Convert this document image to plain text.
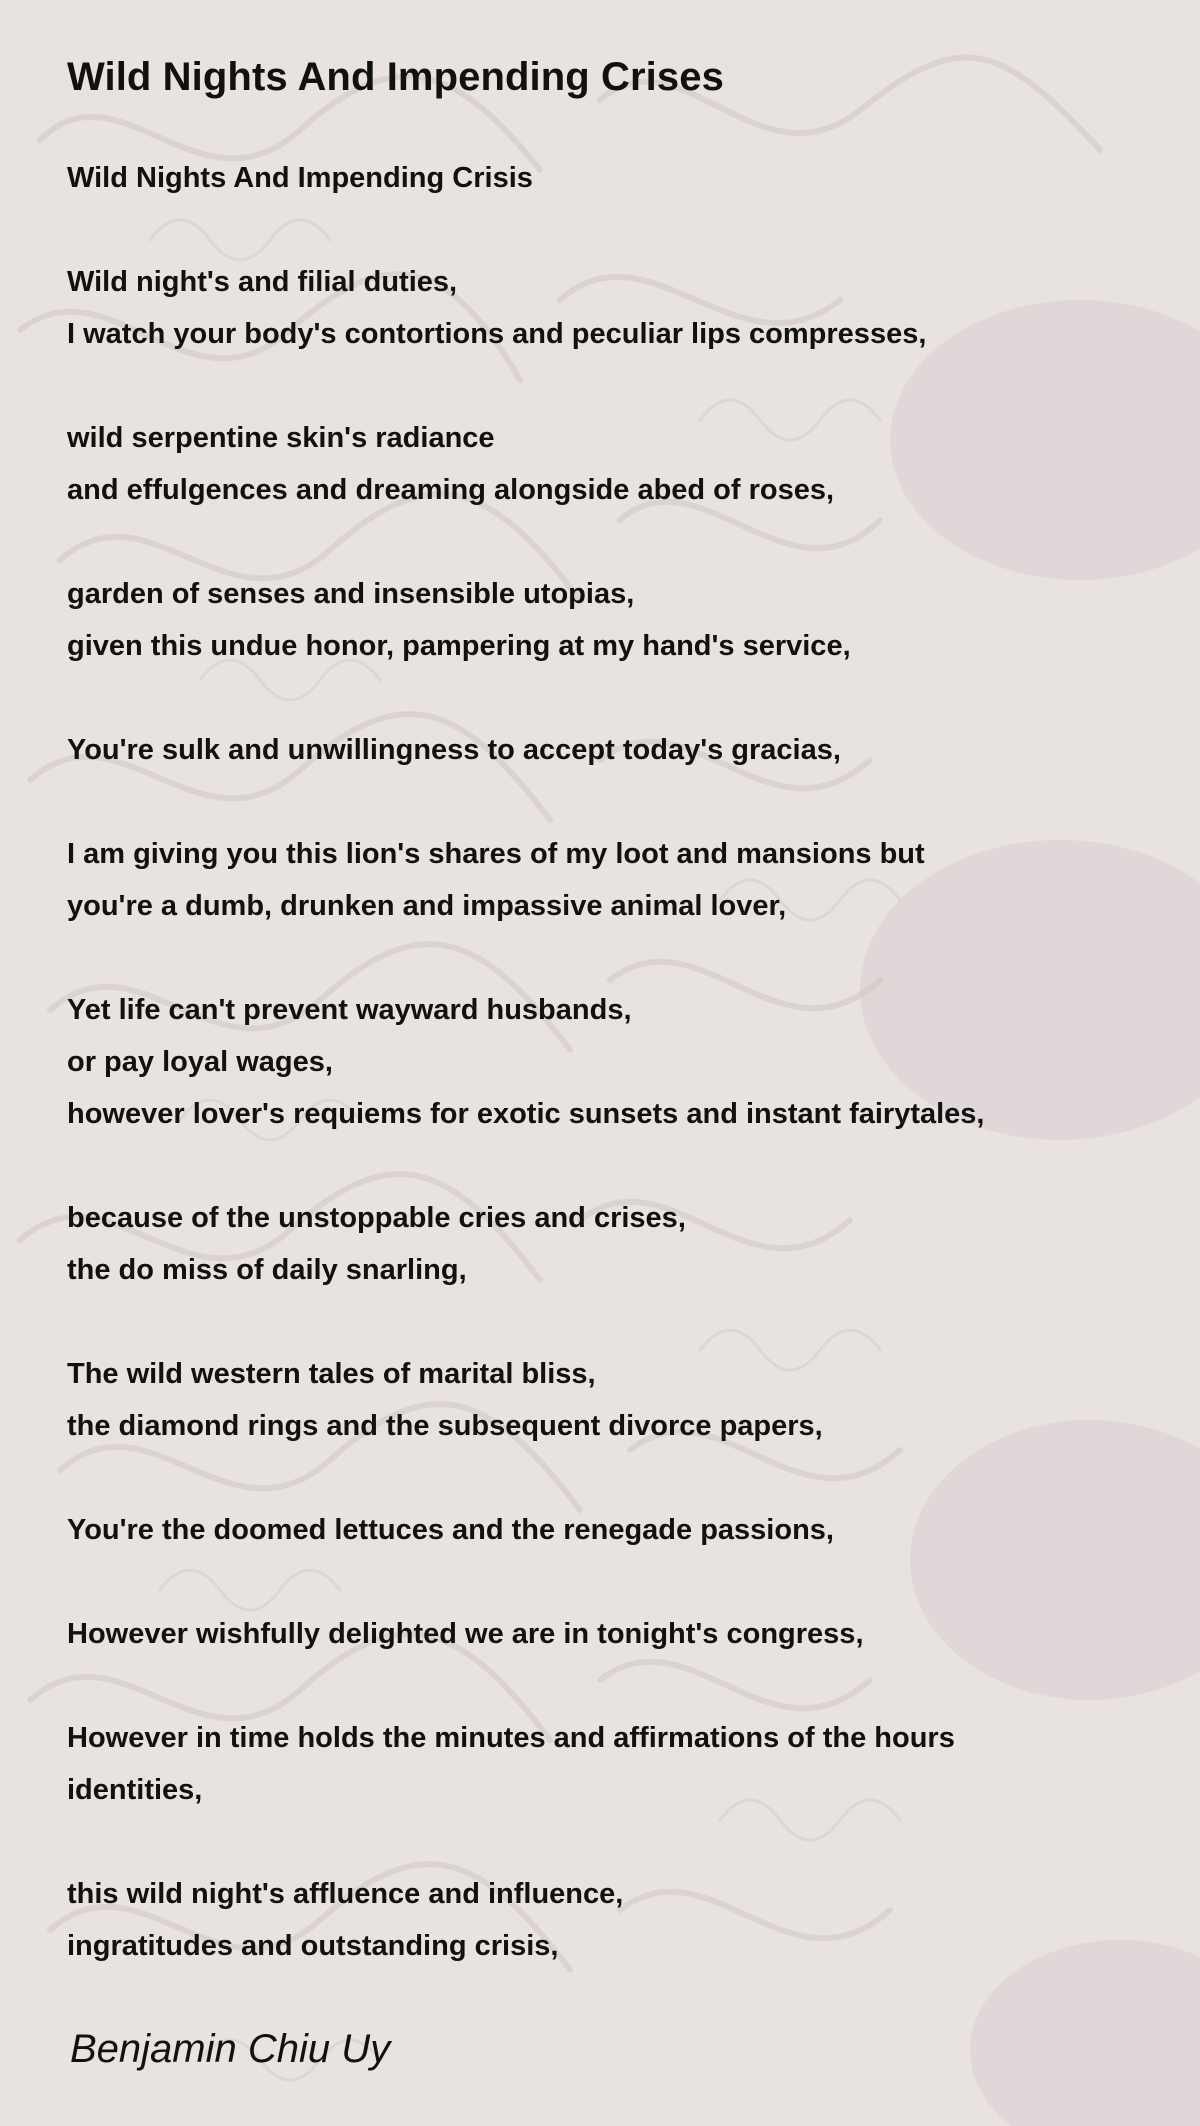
Wild Nights And Impending Crises
Wild Nights And Impending Crisis
Wild night's and filial duties,
I watch your body's contortions and peculiar lips compresses,
wild serpentine skin's radiance
and effulgences and dreaming alongside abed of roses,
garden of senses and insensible utopias,
given this undue honor, pampering at my hand's service,
You're sulk and unwillingness to accept today's gracias,
I am giving you this lion's shares of my loot and mansions but
you're a dumb, drunken and impassive animal lover,
Yet life can't prevent wayward husbands,
or pay loyal wages,
however lover's requiems for exotic sunsets and instant fairytales,
because of the unstoppable cries and crises,
the do miss of daily snarling,
The wild western tales of marital bliss,
the diamond rings and the subsequent divorce papers,
You're the doomed lettuces and the renegade passions,
However wishfully delighted we are in tonight's congress,
However in time holds the minutes and affirmations of the hours
identities,
this wild night's affluence and influence,
ingratitudes and outstanding crisis,
Benjamin Chiu Uy
